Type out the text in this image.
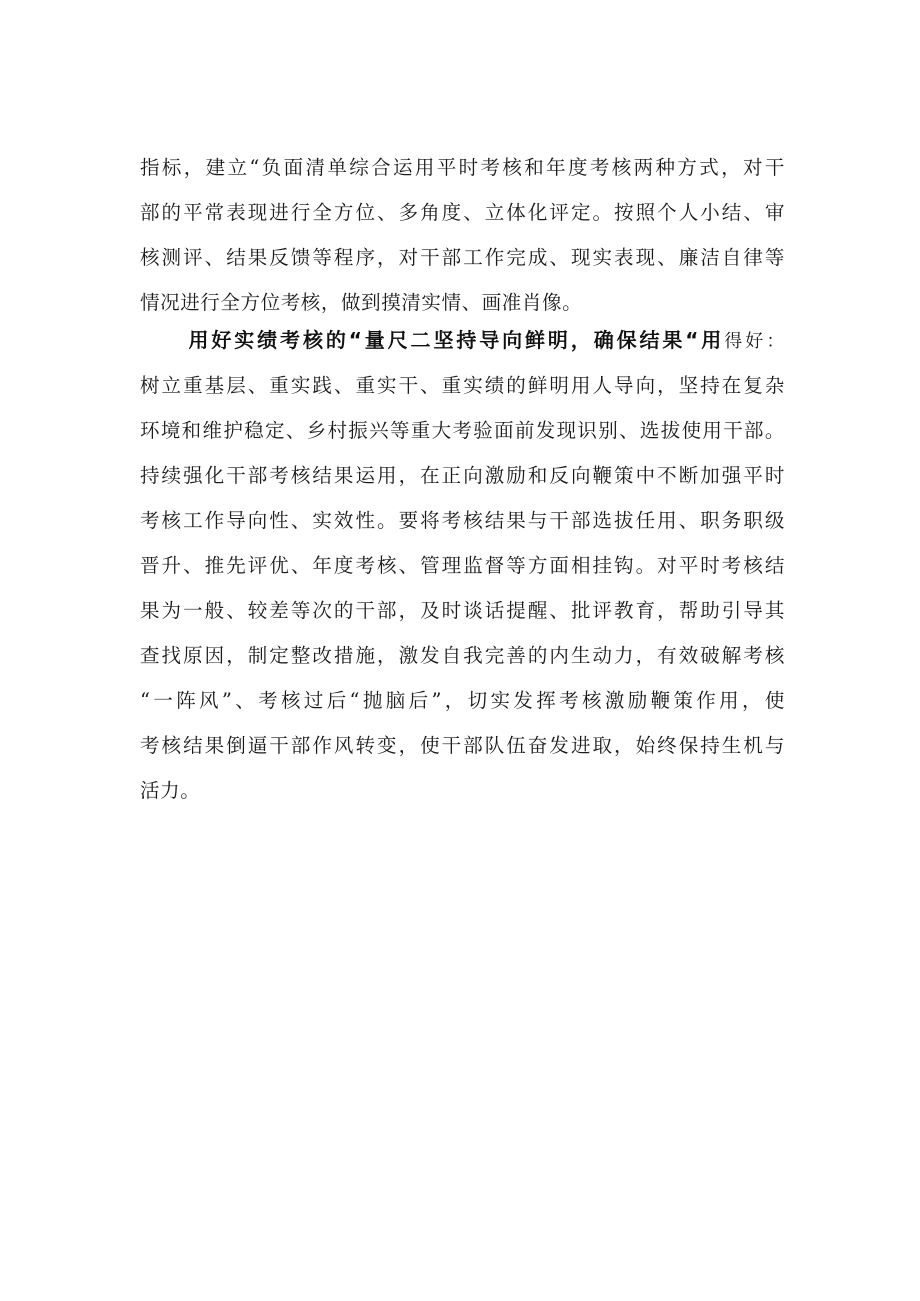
指标，建立“负面清单综合运用平时考核和年度考核两种方式，对干
部的平常表现进行全方位、多角度、立体化评定。按照个人小结、审
核测评、结果反馈等程序，对干部工作完成、现实表现、廉洁自律等
情况进行全方位考核，做到摸清实情、画准肖像。
用好实绩考核的“量尺二坚持导向鲜明，确保结果“用得好：
树立重基层、重实践、重实干、重实绩的鲜明用人导向，坚持在复杂
环境和维护稳定、乡村振兴等重大考验面前发现识别、选拔使用干部。
持续强化干部考核结果运用，在正向激励和反向鞭策中不断加强平时
考核工作导向性、实效性。要将考核结果与干部选拔任用、职务职级
晋升、推先评优、年度考核、管理监督等方面相挂钩。对平时考核结
果为一般、较差等次的干部，及时谈话提醒、批评教育，帮助引导其
查找原因，制定整改措施，激发自我完善的内生动力，有效破解考核
“一阵风”、考核过后“抛脑后”，切实发挥考核激励鞭策作用，使
考核结果倒逼干部作风转变，使干部队伍奋发进取，始终保持生机与
活力。
